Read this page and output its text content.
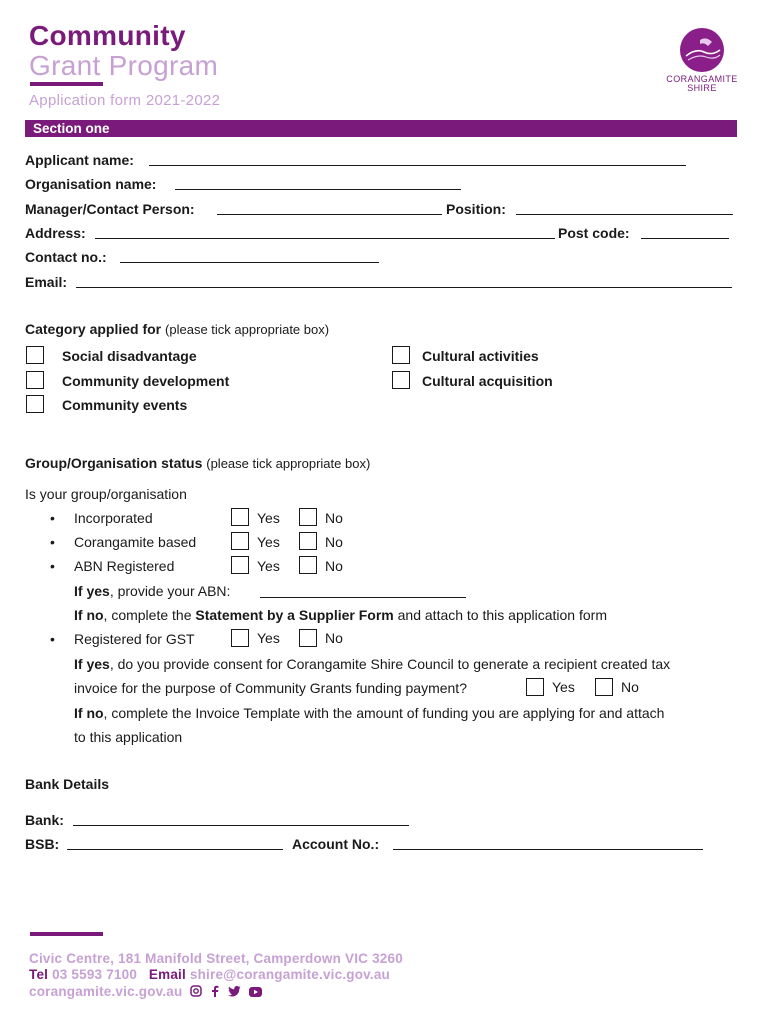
Community
Grant Program
Application form 2021-2022
CORANGAMITE
SHIRE
Section one
Applicant name:
Organisation name:
Manager/Contact Person:	Position:
Address:	Post code:
Contact no.:
Email:
Category applied for (please tick appropriate box)
Social disadvantage
Community development
Community events
Cultural activities
Cultural acquisition
Group/Organisation status (please tick appropriate box)
Is your group/organisation
• Incorporated	Yes	No
• Corangamite based	Yes	No
• ABN Registered	Yes	No
If yes, provide your ABN:
If no, complete the Statement by a Supplier Form and attach to this application form
• Registered for GST	Yes	No
If yes, do you provide consent for Corangamite Shire Council to generate a recipient created tax
invoice for the purpose of Community Grants funding payment?	Yes	No
If no, complete the Invoice Template with the amount of funding you are applying for and attach
to this application
Bank Details
Bank:
BSB:	Account No.:
Civic Centre, 181 Manifold Street, Camperdown VIC 3260
Tel 03 5593 7100 Email shire@corangamite.vic.gov.au
corangamite.vic.gov.au
